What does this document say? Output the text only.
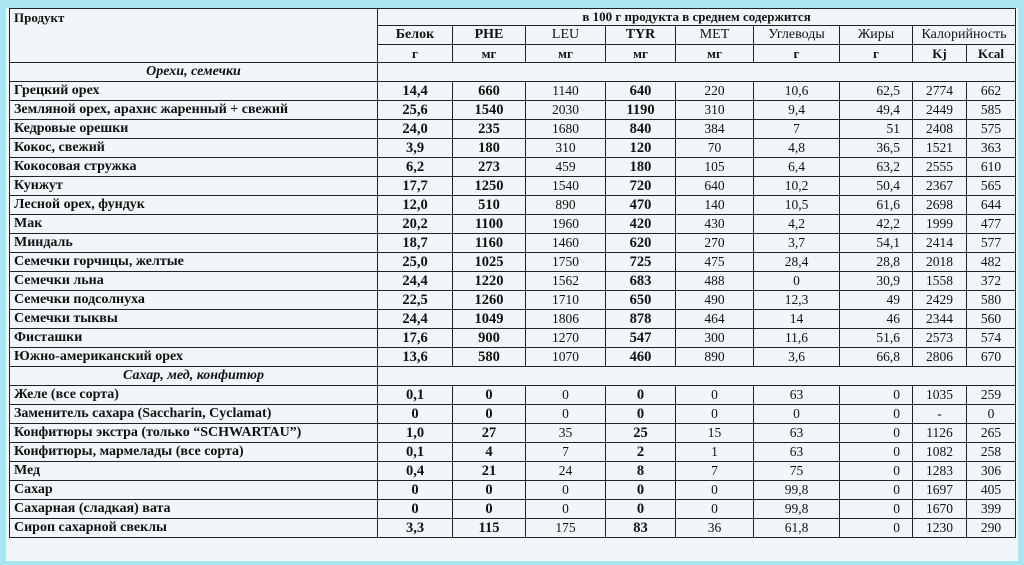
Продукт	в 100 г продукта в среднем содержится								
	Белок	PHE	LEU	TYR	MET	Углеводы	Жиры	Калорийность	
	г	мг	мг	мг	мг	г	г	Kj	Kcal
Орехи, семечки									
Грецкий орех	14,4	660	1140	640	220	10,6	62,5	2774	662
Земляной орех, арахис жаренный + свежий	25,6	1540	2030	1190	310	9,4	49,4	2449	585
Кедровые орешки	24,0	235	1680	840	384	7	51	2408	575
Кокос, свежий	3,9	180	310	120	70	4,8	36,5	1521	363
Кокосовая стружка	6,2	273	459	180	105	6,4	63,2	2555	610
Кунжут	17,7	1250	1540	720	640	10,2	50,4	2367	565
Лесной орех, фундук	12,0	510	890	470	140	10,5	61,6	2698	644
Мак	20,2	1100	1960	420	430	4,2	42,2	1999	477
Миндаль	18,7	1160	1460	620	270	3,7	54,1	2414	577
Семечки горчицы, желтые	25,0	1025	1750	725	475	28,4	28,8	2018	482
Семечки льна	24,4	1220	1562	683	488	0	30,9	1558	372
Семечки подсолнуха	22,5	1260	1710	650	490	12,3	49	2429	580
Семечки тыквы	24,4	1049	1806	878	464	14	46	2344	560
Фисташки	17,6	900	1270	547	300	11,6	51,6	2573	574
Южно-американский орех	13,6	580	1070	460	890	3,6	66,8	2806	670
Сахар, мед, конфитюр									
Желе (все сорта)	0,1	0	0	0	0	63	0	1035	259
Заменитель сахара (Saccharin, Cyclamat)	0	0	0	0	0	0	0	-	0
Конфитюры экстра (только “SCHWARTAU”)	1,0	27	35	25	15	63	0	1126	265
Конфитюры, мармелады (все сорта)	0,1	4	7	2	1	63	0	1082	258
Мед	0,4	21	24	8	7	75	0	1283	306
Сахар	0	0	0	0	0	99,8	0	1697	405
Сахарная (сладкая) вата	0	0	0	0	0	99,8	0	1670	399
Сироп сахарной свеклы	3,3	115	175	83	36	61,8	0	1230	290
